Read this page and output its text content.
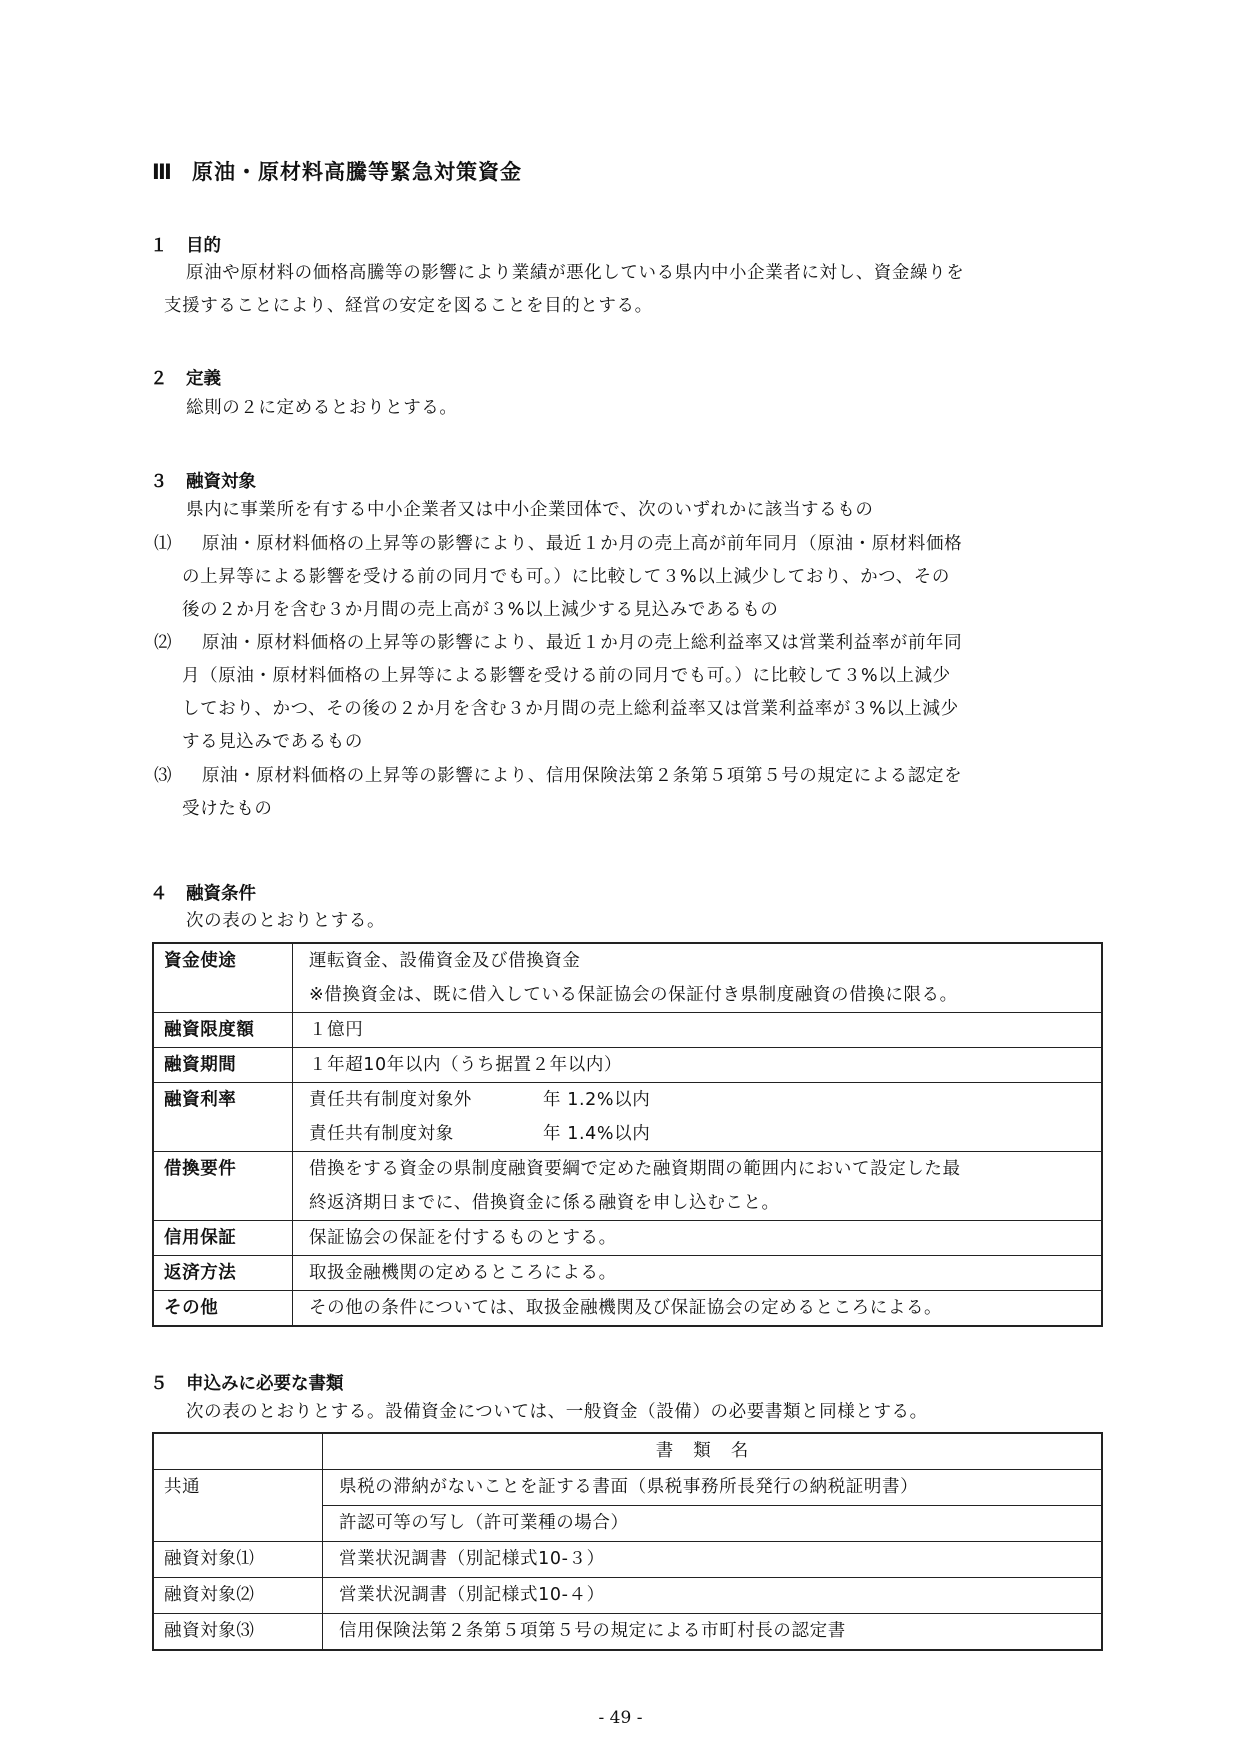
Ⅲ 原油・原材料高騰等緊急対策資金
１ 目的
原油や原材料の価格高騰等の影響により業績が悪化している県内中小企業者に対し、資金繰りを
支援することにより、経営の安定を図ることを目的とする。
２ 定義
総則の２に定めるとおりとする。
３ 融資対象
県内に事業所を有する中小企業者又は中小企業団体で、次のいずれかに該当するもの
⑴ 原油・原材料価格の上昇等の影響により、最近１か月の売上高が前年同月（原油・原材料価格
の上昇等による影響を受ける前の同月でも可。）に比較して３%以上減少しており、かつ、その
後の２か月を含む３か月間の売上高が３%以上減少する見込みであるもの
⑵ 原油・原材料価格の上昇等の影響により、最近１か月の売上総利益率又は営業利益率が前年同
月（原油・原材料価格の上昇等による影響を受ける前の同月でも可。）に比較して３%以上減少
しており、かつ、その後の２か月を含む３か月間の売上総利益率又は営業利益率が３%以上減少
する見込みであるもの
⑶ 原油・原材料価格の上昇等の影響により、信用保険法第２条第５項第５号の規定による認定を
受けたもの
４ 融資条件
次の表のとおりとする。
資金使途	運転資金、設備資金及び借換資金
※借換資金は、既に借入している保証協会の保証付き県制度融資の借換に限る。

融資限度額	１億円
融資期間	１年超10年以内（うち据置２年以内）
融資利率	責任共有制度対象外 年 1.2%以内
責任共有制度対象 年 1.4%以内

借換要件	借換をする資金の県制度融資要綱で定めた融資期間の範囲内において設定した最
終返済期日までに、借換資金に係る融資を申し込むこと。

信用保証	保証協会の保証を付するものとする。
返済方法	取扱金融機関の定めるところによる。
その他	その他の条件については、取扱金融機関及び保証協会の定めるところによる。
５ 申込みに必要な書類
次の表のとおりとする。設備資金については、一般資金（設備）の必要書類と同様とする。
	書類名
共通	県税の滞納がないことを証する書面（県税事務所長発行の納税証明書）
	許認可等の写し（許可業種の場合）
融資対象⑴	営業状況調書（別記様式10-３）
融資対象⑵	営業状況調書（別記様式10-４）
融資対象⑶	信用保険法第２条第５項第５号の規定による市町村長の認定書
- 49 -
